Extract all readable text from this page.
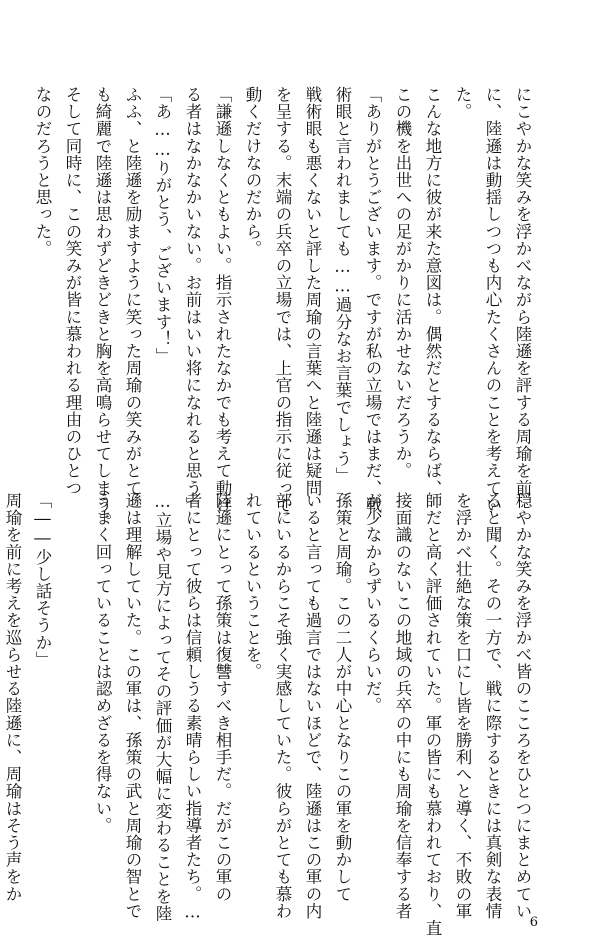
にこやかな笑みを浮かべながら陸遜を評する周瑜を前
に、陸遜は動揺しつつも内心たくさんのことを考えてい
た。
こんな地方に彼が来た意図は。偶然だとするならば、
この機を出世への足がかりに活かせないだろうか。
「ありがとうございます。ですが私の立場ではまだ、戦
術眼と言われましても……過分なお言葉でしょう」
戦術眼も悪くないと評した周瑜の言葉へと陸遜は疑問
を呈する。末端の兵卒の立場では、上官の指示に従って
動くだけなのだから。
「謙遜しなくともよい。指示されたなかでも考えて動け
る者はなかなかいない。お前はいい将になれると思う」
「あ……りがとう、ございます！」
ふふ、と陸遜を励ますように笑った周瑜の笑みがとて
も綺麗で陸遜は思わずどきどきと胸を高鳴らせてしまう。
そして同時に、この笑みが皆に慕われる理由のひとつ
なのだろうと思った。

穏やかな笑みを浮かべ皆のこころをひとつにまとめてい
ると聞く。その一方で、戦に際するときには真剣な表情
を浮かべ壮絶な策を口にし皆を勝利へと導く、不敗の軍
師だと高く評価されていた。軍の皆にも慕われており、直
接面識のないこの地域の兵卒の中にも周瑜を信奉する者
が少なからずいるくらいだ。
孫策と周瑜。この二人が中心となりこの軍を動かして
いると言っても過言ではないほどで、陸遜はこの軍の内
部にいるからこそ強く実感していた。彼らがとても慕わ
れているということを。
陸遜にとって孫策は復讐すべき相手だ。だがこの軍の
者にとって彼らは信頼しうる素晴らしい指導者たち。…
…立場や見方によってその評価が大幅に変わることを陸
遜は理解していた。この軍は、孫策の武と周瑜の智とで
うまく回っていることは認めざるを得ない。

「――少し話そうか」
周瑜を前に考えを巡らせる陸遜に、周瑜はそう声をか
6
